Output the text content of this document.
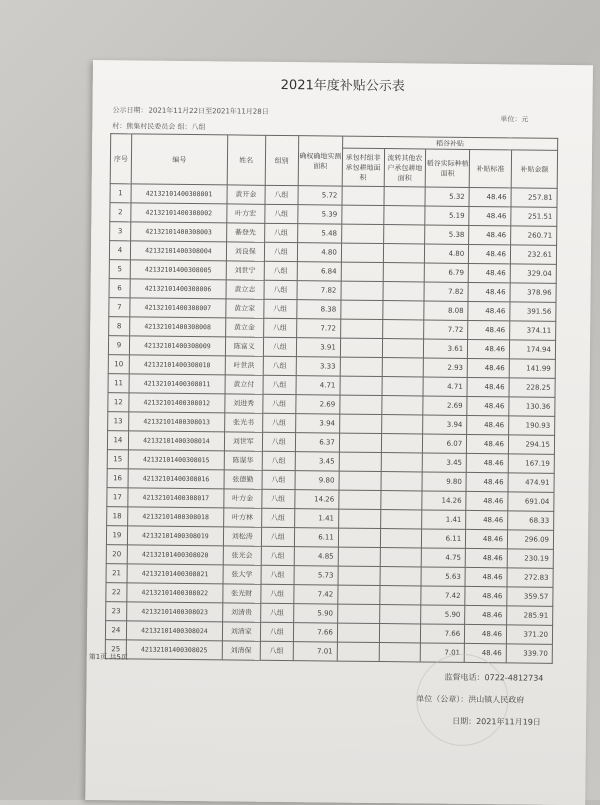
2021年度补贴公示表
公示日期：2021年11月22日至2021年11月28日
单位：元
村：熊集村民委员会 组：八组
序号	编号	姓名	组别	确权确地实测面积	稻谷补贴				
					承包村组非承包耕地面积	流转其他农户承包耕地面积	稻谷实际种植面积	补贴标准	补贴金额
1	42132101400308001	黄开金	八组	5.72			5.32	48.46	257.81
2	42132101400308002	叶方宏	八组	5.39			5.19	48.46	251.51
3	42132101400308003	綦登先	八组	5.48			5.38	48.46	260.71
4	42132101400308004	刘良保	八组	4.80			4.80	48.46	232.61
5	42132101400308005	刘世宁	八组	6.84			6.79	48.46	329.04
6	42132101400308006	黄立志	八组	7.82			7.82	48.46	378.96
7	42132101400308007	黄立家	八组	8.38			8.08	48.46	391.56
8	42132101400308008	黄立金	八组	7.72			7.72	48.46	374.11
9	42132101400308009	陈富义	八组	3.91			3.61	48.46	174.94
10	42132101400308010	叶世洪	八组	3.33			2.93	48.46	141.99
11	42132101400308011	黄立付	八组	4.71			4.71	48.46	228.25
12	42132101400308012	刘进秀	八组	2.69			2.69	48.46	130.36
13	42132101400308013	张光书	八组	3.94			3.94	48.46	190.93
14	42132101400308014	刘世军	八组	6.37			6.07	48.46	294.15
15	42132101400308015	陈谋华	八组	3.45			3.45	48.46	167.19
16	42132101400308016	张德勤	八组	9.80			9.80	48.46	474.91
17	42132101400308017	叶方金	八组	14.26			14.26	48.46	691.04
18	42132101400308018	叶方林	八组	1.41			1.41	48.46	68.33
19	42132101400308019	刘松涛	八组	6.11			6.11	48.46	296.09
20	42132101400308020	张光会	八组	4.85			4.75	48.46	230.19
21	42132101400308021	张大学	八组	5.73			5.63	48.46	272.83
22	42132101400308022	张光财	八组	7.42			7.42	48.46	359.57
23	42132101400308023	刘清贵	八组	5.90			5.90	48.46	285.91
24	42132101400308024	刘清家	八组	7.66			7.66	48.46	371.20
25	42132101400308025	刘清保	八组	7.01			7.01	48.46	339.70
第1页 共5页
监督电话：0722-4812734
单位（公章）：洪山镇人民政府
日期：2021年11月19日
